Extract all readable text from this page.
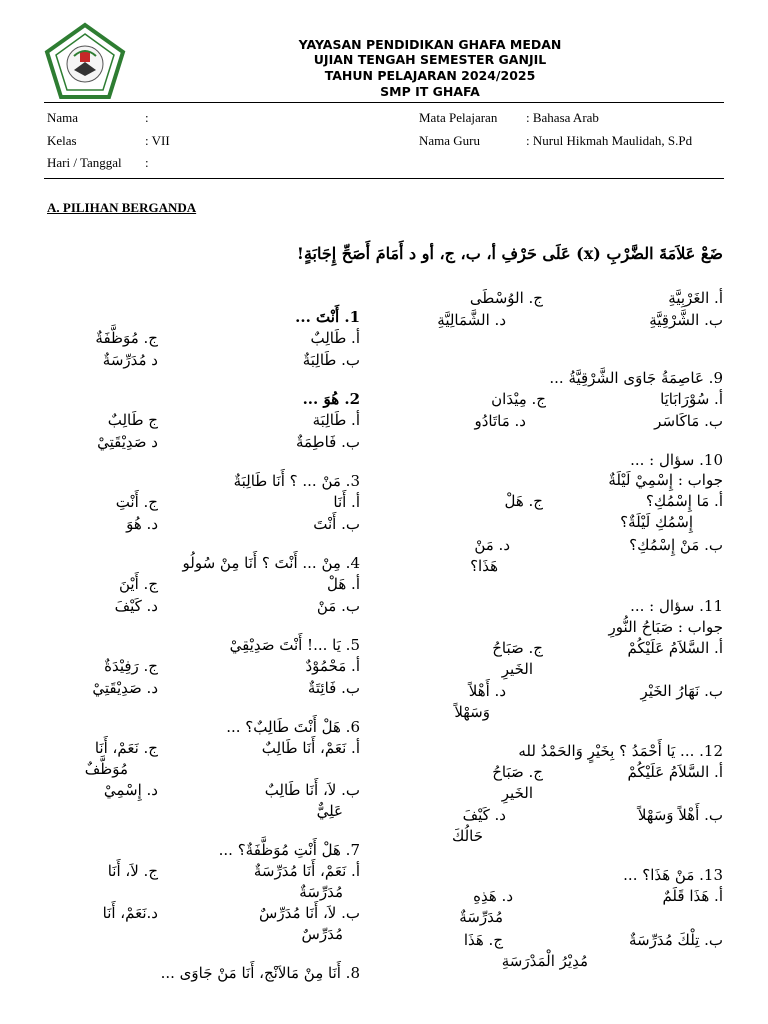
YAYASAN PENDIDIKAN GHAFA MEDAN
UJIAN TENGAH SEMESTER GANJIL
TAHUN PELAJARAN 2024/2025
SMP IT GHAFA
Nama	:	Mata Pelajaran : Bahasa Arab
Kelas	: VII	Nama Guru	: Nurul Hikmah Maulidah, S.Pd
Hari / Tanggal :
A. PILIHAN BERGANDA
ضَعْ عَلاَمَةَ الضَّرْبِ (x) عَلَى حَرْفِ أ، ب، ج، أو د أَمَامَ أَصَحِّ إِجَابَةٍ!
1. أَنْتَ ...
أ. طَالِبٌ
ج. مُوَظَّفَةٌ
ب. طَالِبَةٌ
د مُدَرِّسَةٌ
2. هُوَ ...
أ. طَالِبَة
ج طَالِبٌ
ب. فَاطِمَةٌ
د صَدِيْقَتِيْ
3. مَنْ ... ؟ أَنَا طَالِبَةٌ
أ. أَنَا
ج. أَنْتِ
ب. أَنْتَ
د. هُوَ
4. مِنْ ... أَنْتَ ؟ أَنَا مِنْ سُولُو
أ. هَلْ
ج. أَيْنَ
ب. مَنْ
د. كَيْفَ
5. يَا ...! أَنْتَ صَدِيْقِيْ
أ. مَحْمُوْدٌ
ج. رَفِيْدَةٌ
ب. فَائِتَةٌ
د. صَدِيْقَتِيْ
6. هَلْ أَنْتَ طَالِبٌ؟ ...
أ. نَعَمْ، أَنَا طَالِبٌ
ج. نَعَمْ، أَنَا
مُوَظَّفٌ
ب. لاَ، أَنَا طَالِبٌ
د. إِسْمِيْ
عَلِيٌّ
7. هَلْ أَنْتِ مُوَظَّفَةٌ؟ ...
أ. نَعَمْ، أَنَا مُدَرِّسَةٌ
ج. لاَ، أَنَا
مُدَرِّسَةٌ
ب. لاَ، أَنَا مُدَرِّسٌ
د.نَعَمْ، أَنَا
مُدَرِّسٌ
8. أَنَا مِنْ مَالاَنْج، أَنَا مَنْ جَاوَى ...
أ. الغَرْبِيَّةِ
ج. الوُسْطَى
ب. الشَّرْقِيَّةِ
د. الشَّمَالِيَّةِ
9. عَاصِمَةُ جَاوَى الشَّرْقِيَّةُ ...
أ. سُوْرَابَايَا
ج. مِيْدَان
ب. مَاكَاسَر
د. مَاتَادُو
10. سؤال : ...
جواب : إِسْمِيْ لَيْلَةٌ
أ. مَا إِسْمُكِ؟
ج. هَلْ
إِسْمُكِ لَيْلَةٌ؟
ب. مَنْ إِسْمُكِ؟
د. مَنْ
هَذَا؟
11. سؤال : ...
جواب : صَبَاحُ النُّورِ
أ. السَّلاَمُ عَلَيْكُمْ
ج. صَبَاحُ
الخَيرِ
ب. نَهَارُ الخَيْرِ
د. أَهْلاً
وَسَهْلاً
12. ... يَا أَحْمَدُ ؟ بِخَيْرٍ وَالحَمْدُ لله
أ. السَّلاَمُ عَلَيْكُمْ
ج. صَبَاحُ
الخَيرِ
ب. أَهْلاً وَسَهْلاً
د. كَيْفَ
حَالُكَ
13. مَنْ هَذَا؟ ...
أ. هَذَا قَلَمٌ
د. هَذِهِ
مُدَرِّسَةٌ
ب. تِلْكَ مُدَرِّسَةٌ
ج. هَذَا
مُدِيْرُ الْمَدْرَسَةِ
